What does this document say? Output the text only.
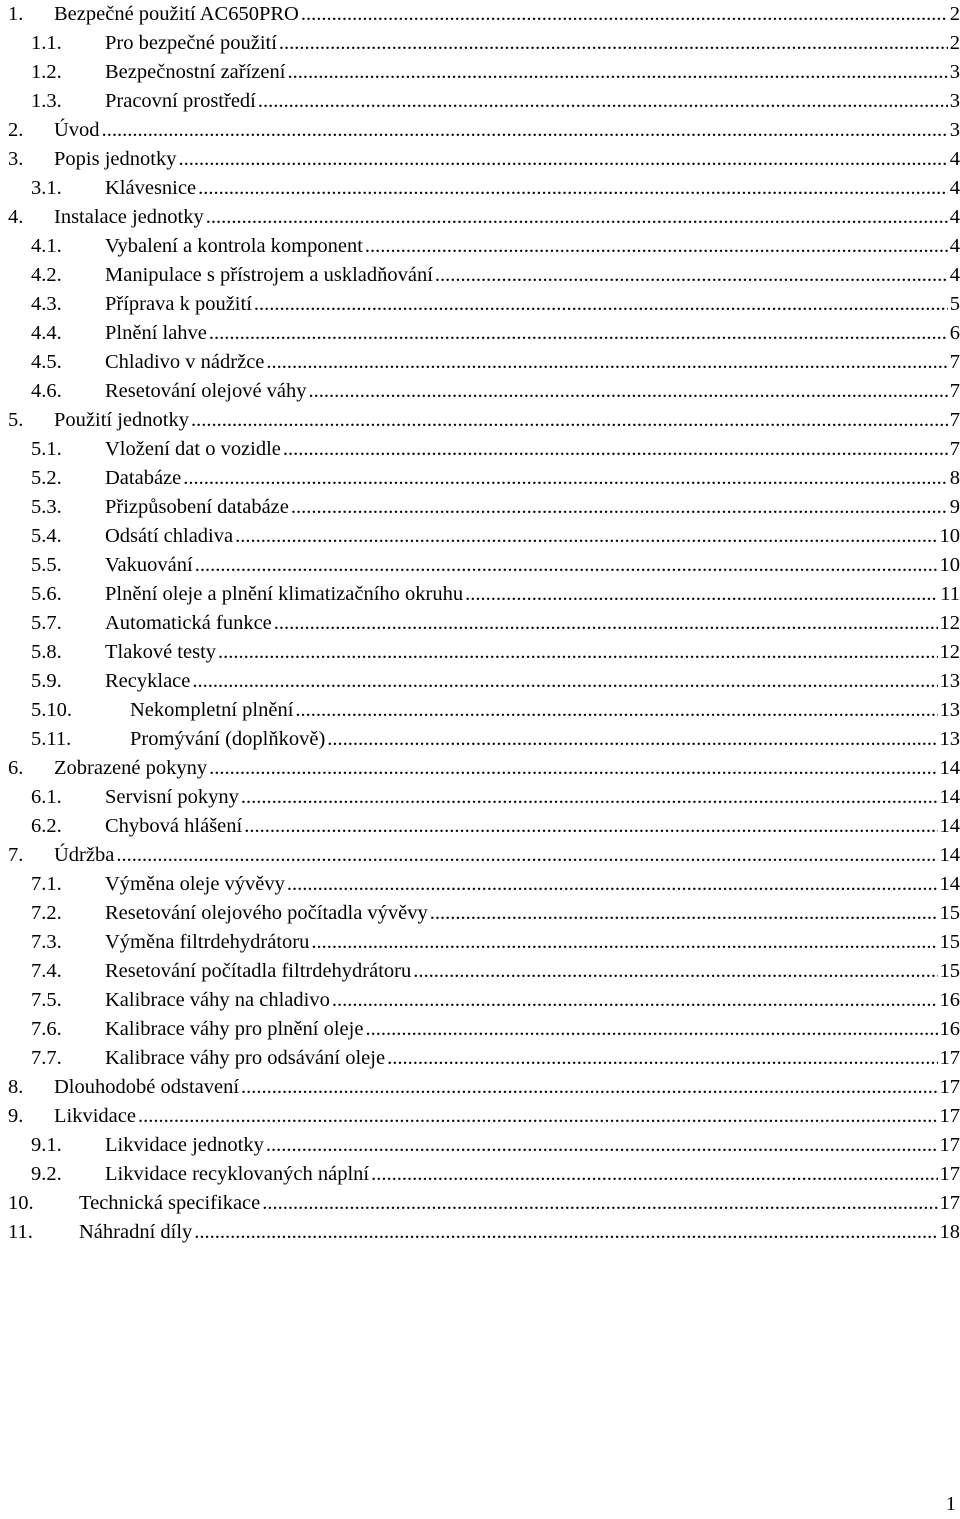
1.	Bezpečné použití AC650PRO .....	2
1.1.	Pro bezpečné použití .....	2
1.2.	Bezpečnostní zařízení .....	3
1.3.	Pracovní prostředí .....	3
2.	Úvod .....	3
3.	Popis jednotky .....	4
3.1.	Klávesnice .....	4
4.	Instalace jednotky .....	4
4.1.	Vybalení a kontrola komponent .....	4
4.2.	Manipulace s přístrojem a uskladňování .....	4
4.3.	Příprava k použití .....	5
4.4.	Plnění lahve .....	6
4.5.	Chladivo v nádržce .....	7
4.6.	Resetování olejové váhy .....	7
5.	Použití jednotky .....	7
5.1.	Vložení dat o vozidle .....	7
5.2.	Databáze .....	8
5.3.	Přizpůsobení databáze .....	9
5.4.	Odsátí chladiva .....	10
5.5.	Vakuování .....	10
5.6.	Plnění oleje a plnění klimatizačního okruhu .....	11
5.7.	Automatická funkce .....	12
5.8.	Tlakové testy .....	12
5.9.	Recyklace .....	13
5.10.	Nekompletní plnění .....	13
5.11.	Promývání (doplňkově) .....	13
6.	Zobrazené pokyny .....	14
6.1.	Servisní pokyny .....	14
6.2.	Chybová hlášení .....	14
7.	Údržba .....	14
7.1.	Výměna oleje vývěvy .....	14
7.2.	Resetování olejového počítadla vývěvy .....	15
7.3.	Výměna filtrdehydrátoru .....	15
7.4.	Resetování počítadla filtrdehydrátoru .....	15
7.5.	Kalibrace váhy na chladivo .....	16
7.6.	Kalibrace váhy pro plnění oleje .....	16
7.7.	Kalibrace váhy pro odsávání oleje .....	17
8.	Dlouhodobé odstavení .....	17
9.	Likvidace .....	17
9.1.	Likvidace jednotky .....	17
9.2.	Likvidace recyklovaných náplní .....	17
10.	Technická specifikace .....	17
11.	Náhradní díly .....	18
1
